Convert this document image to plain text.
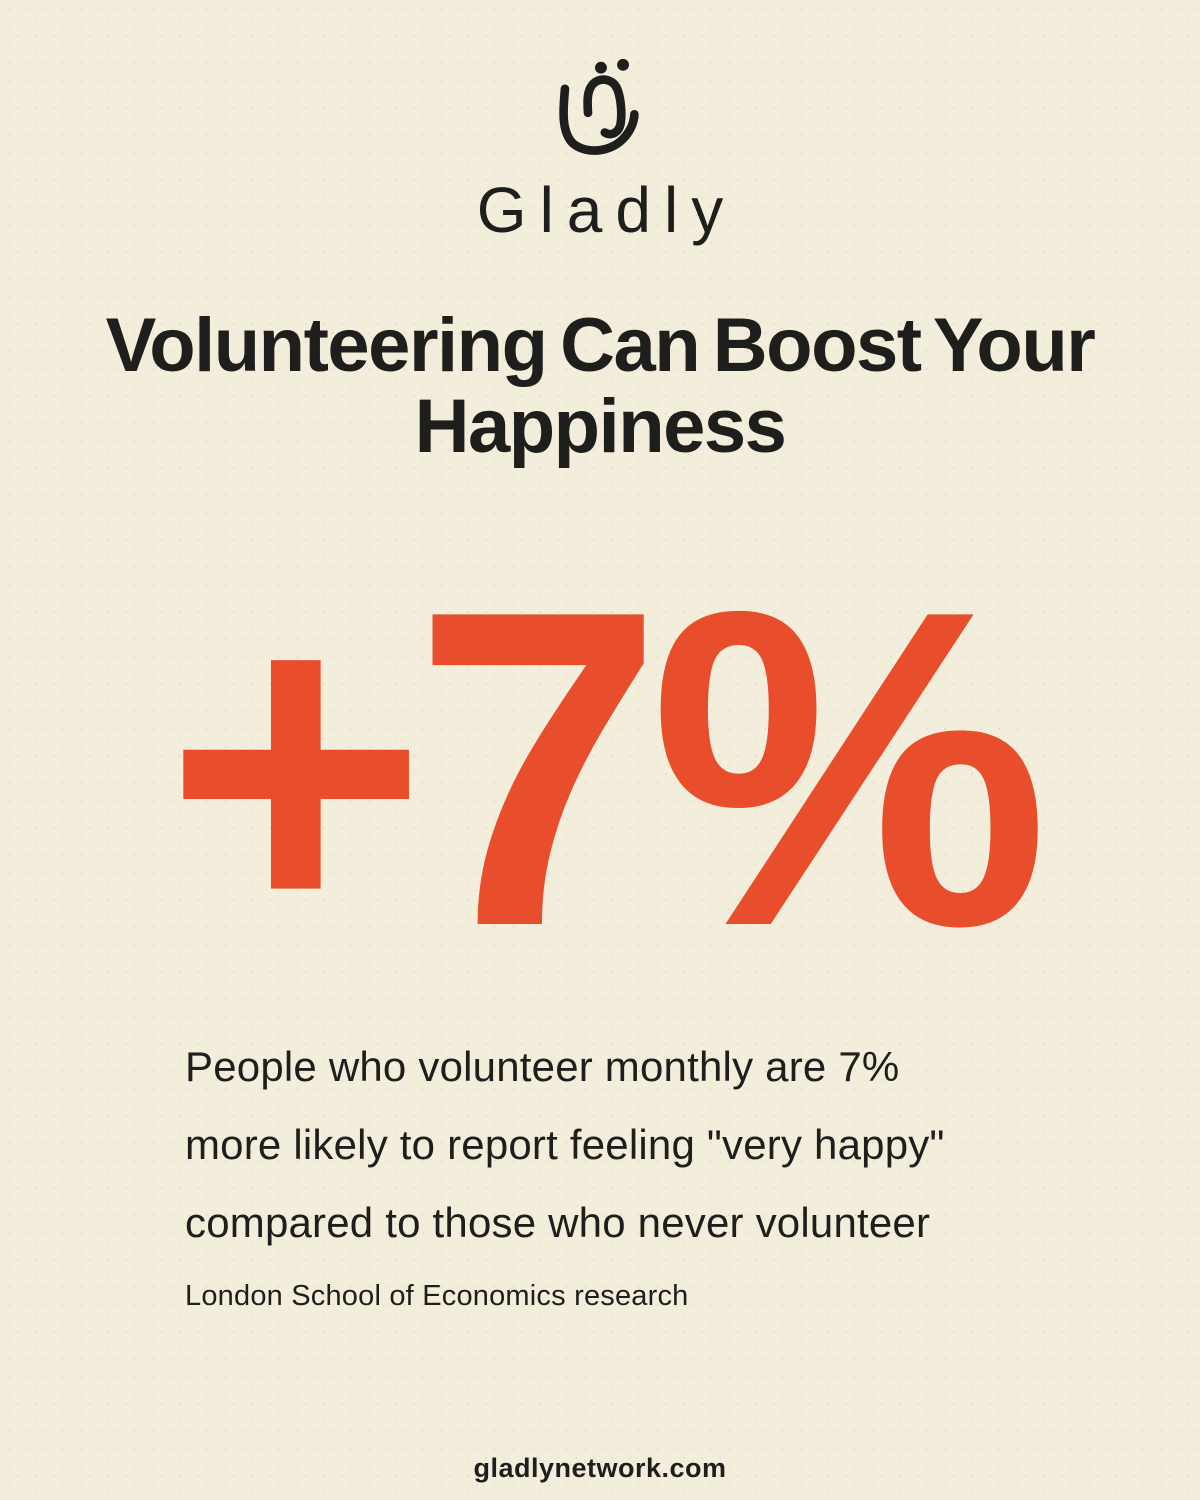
Gladly
Volunteering Can Boost Your
Happiness
+7%

People who volunteer monthly are 7% more likely to report feeling "very happy" compared to those who never volunteer

London School of Economics research

gladlynetwork.com
